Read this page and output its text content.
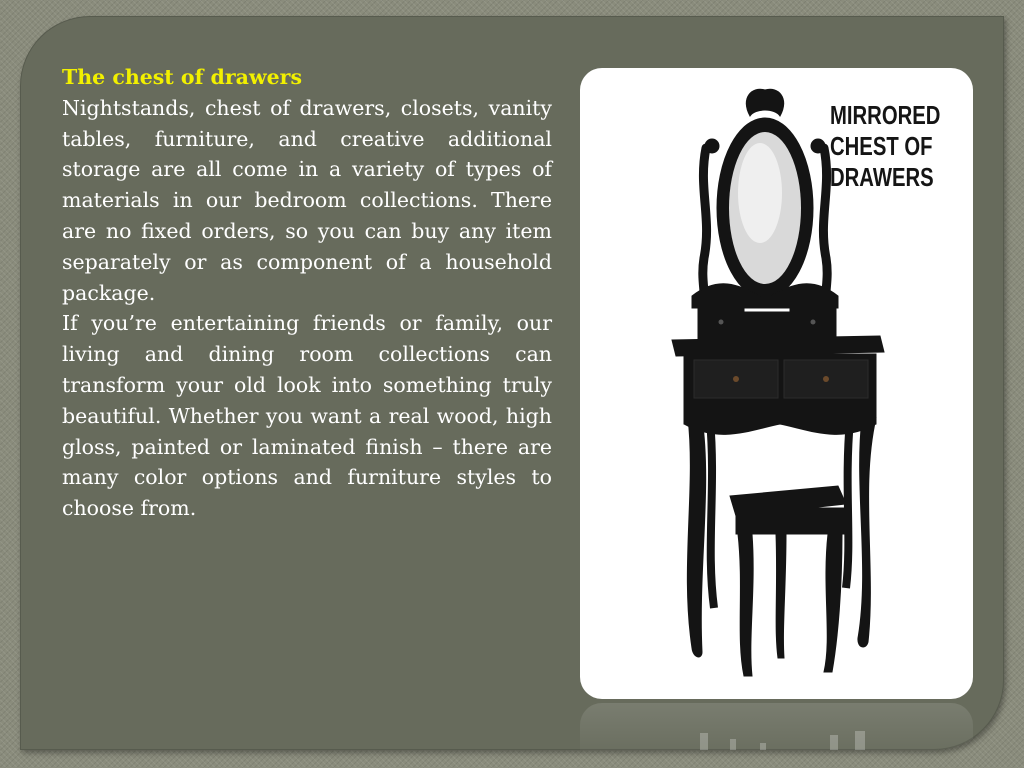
The chest of drawers

Nightstands, chest of drawers, closets, vanity tables, furniture, and creative additional storage are all come in a variety of types of materials in our bedroom collections. There are no fixed orders, so you can buy any item separately or as component of a household package.

If you’re entertaining friends or family, our living and dining room collections can transform your old look into something truly beautiful. Whether you want a real wood, high gloss, painted or laminated finish – there are many color options and furniture styles to choose from.

MIRRORED
CHEST OF
DRAWERS
